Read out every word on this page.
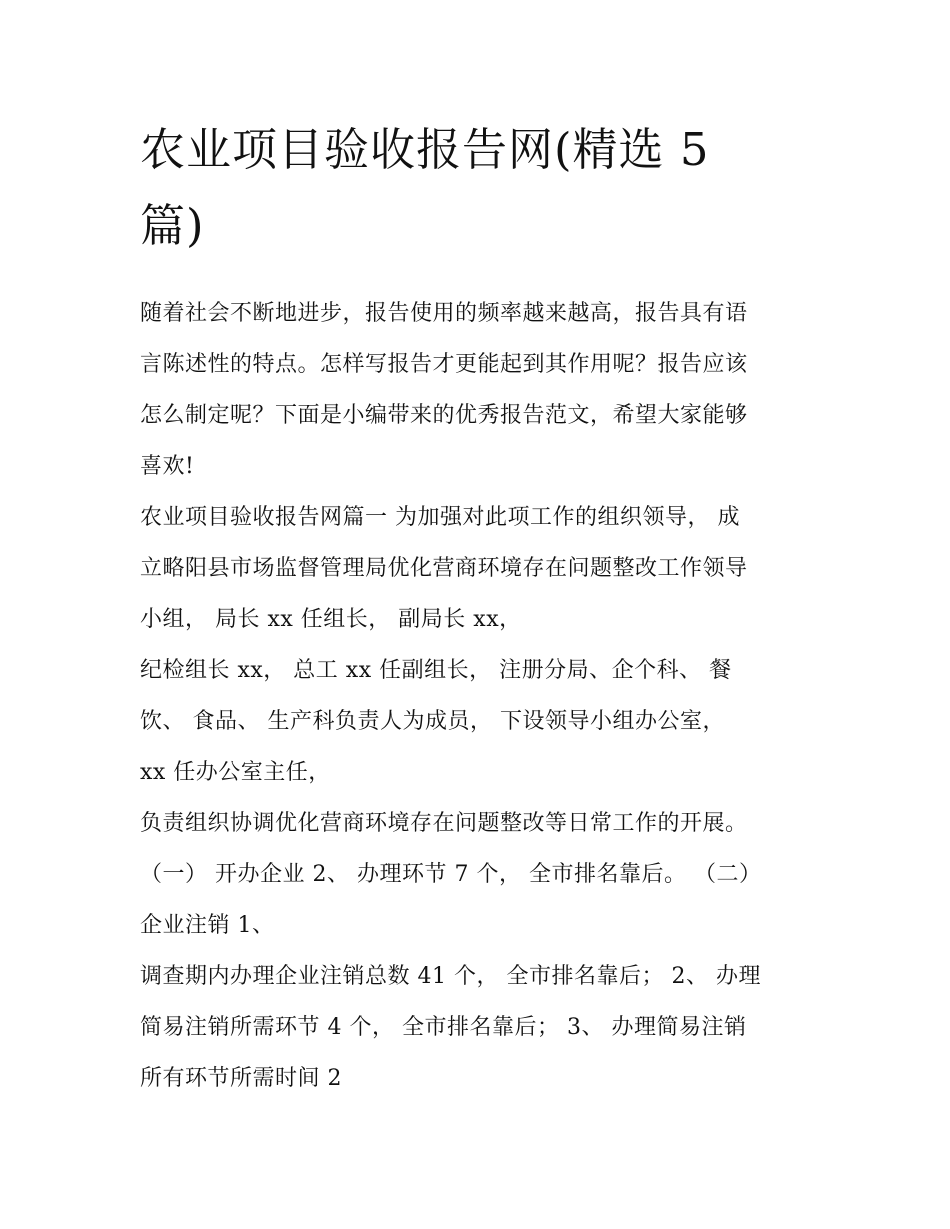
农业项目验收报告网(精选 5
篇)
随着社会不断地进步，报告使用的频率越来越高，报告具有语
言陈述性的特点。怎样写报告才更能起到其作用呢？报告应该
怎么制定呢？下面是小编带来的优秀报告范文，希望大家能够
喜欢!
农业项目验收报告网篇一 为加强对此项工作的组织领导， 成
立略阳县市场监督管理局优化营商环境存在问题整改工作领导
小组， 局长 xx 任组长， 副局长 xx，
纪检组长 xx， 总工 xx 任副组长， 注册分局、企个科、 餐
饮、 食品、 生产科负责人为成员， 下设领导小组办公室，
xx 任办公室主任，
负责组织协调优化营商环境存在问题整改等日常工作的开展。
（一） 开办企业 2、 办理环节 7 个， 全市排名靠后。 （二）
企业注销 1、
调查期内办理企业注销总数 41 个， 全市排名靠后； 2、 办理
简易注销所需环节 4 个， 全市排名靠后； 3、 办理简易注销
所有环节所需时间 2
